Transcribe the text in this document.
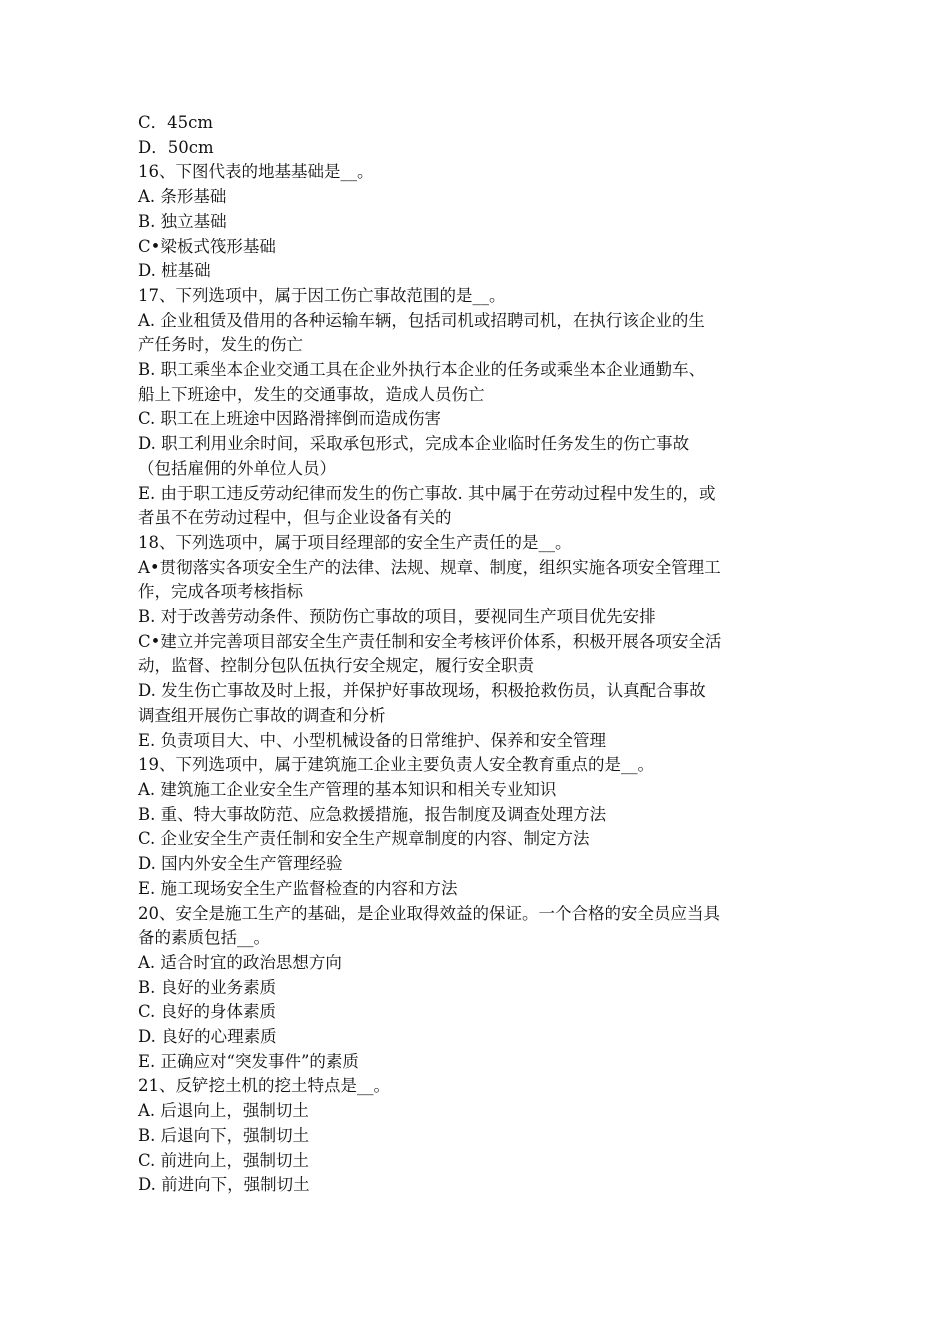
C．45cm
D．50cm
16、下图代表的地基基础是__。
A. 条形基础
B. 独立基础
C•梁板式筏形基础
D. 桩基础
17、下列选项中，属于因工伤亡事故范围的是__。
A. 企业租赁及借用的各种运输车辆，包括司机或招聘司机，在执行该企业的生
产任务时，发生的伤亡
B. 职工乘坐本企业交通工具在企业外执行本企业的任务或乘坐本企业通勤车、
船上下班途中，发生的交通事故，造成人员伤亡
C. 职工在上班途中因路滑摔倒而造成伤害
D. 职工利用业余时间，采取承包形式，完成本企业临时任务发生的伤亡事故
（包括雇佣的外单位人员）
E. 由于职工违反劳动纪律而发生的伤亡事故. 其中属于在劳动过程中发生的，或
者虽不在劳动过程中，但与企业设备有关的
18、下列选项中，属于项目经理部的安全生产责任的是__。
A•贯彻落实各项安全生产的法律、法规、规章、制度，组织实施各项安全管理工
作，完成各项考核指标
B. 对于改善劳动条件、预防伤亡事故的项目，要视同生产项目优先安排
C•建立并完善项目部安全生产责任制和安全考核评价体系，积极开展各项安全活
动，监督、控制分包队伍执行安全规定，履行安全职责
D. 发生伤亡事故及时上报，并保护好事故现场，积极抢救伤员，认真配合事故
调查组开展伤亡事故的调查和分析
E. 负责项目大、中、小型机械设备的日常维护、保养和安全管理
19、下列选项中，属于建筑施工企业主要负责人安全教育重点的是__。
A. 建筑施工企业安全生产管理的基本知识和相关专业知识
B. 重、特大事故防范、应急救援措施，报告制度及调查处理方法
C. 企业安全生产责任制和安全生产规章制度的内容、制定方法
D. 国内外安全生产管理经验
E. 施工现场安全生产监督检查的内容和方法
20、安全是施工生产的基础，是企业取得效益的保证。一个合格的安全员应当具
备的素质包括__。
A. 适合时宜的政治思想方向
B. 良好的业务素质
C. 良好的身体素质
D. 良好的心理素质
E. 正确应对“突发事件”的素质
21、反铲挖土机的挖土特点是__。
A. 后退向上，强制切土
B. 后退向下，强制切土
C. 前进向上，强制切土
D. 前进向下，强制切土
